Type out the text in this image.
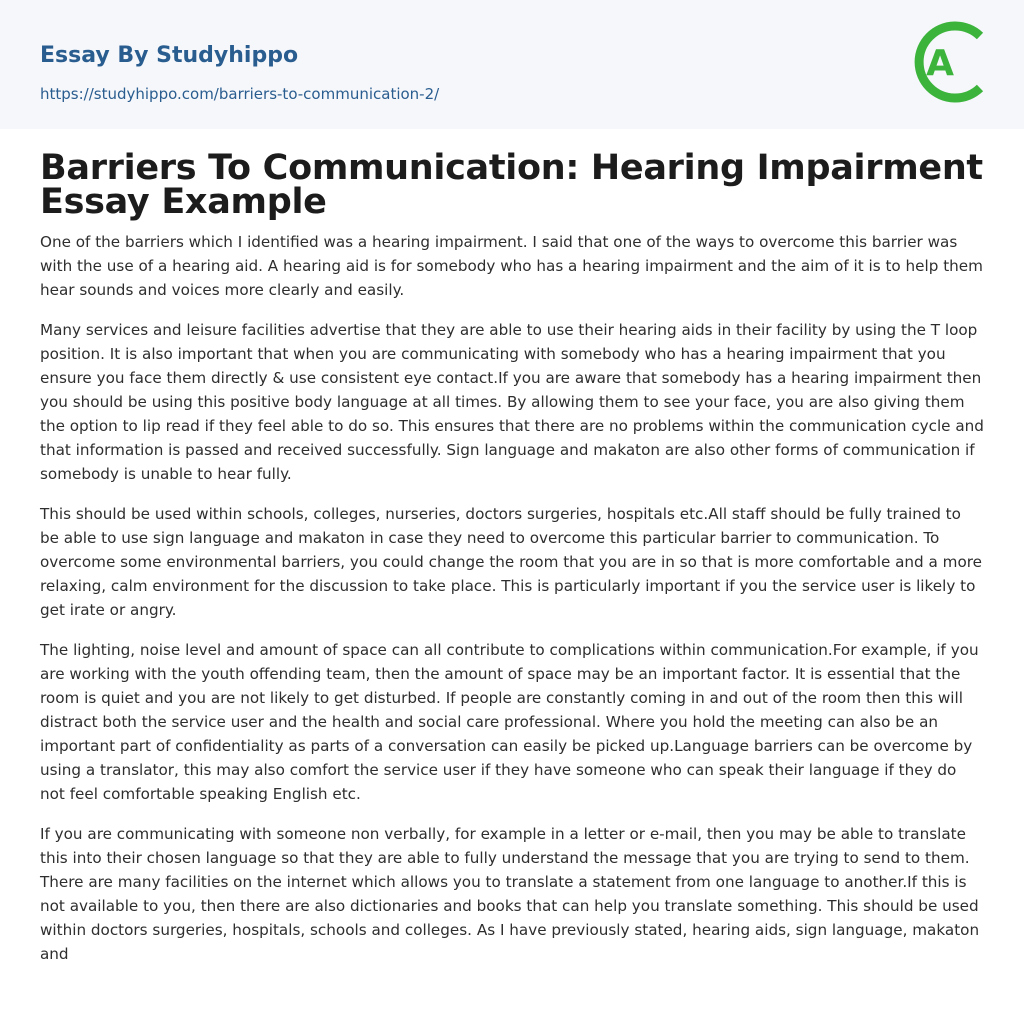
Essay By Studyhippo
https://studyhippo.com/barriers-to-communication-2/
A
Barriers To Communication: Hearing Impairment Essay Example

One of the barriers which I identified was a hearing impairment. I said that one of the ways to overcome this barrier was with the use of a hearing aid. A hearing aid is for somebody who has a hearing impairment and the aim of it is to help them hear sounds and voices more clearly and easily.

Many services and leisure facilities advertise that they are able to use their hearing aids in their facility by using the T loop position. It is also important that when you are communicating with somebody who has a hearing impairment that you ensure you face them directly & use consistent eye contact.If you are aware that somebody has a hearing impairment then you should be using this positive body language at all times. By allowing them to see your face, you are also giving them the option to lip read if they feel able to do so. This ensures that there are no problems within the communication cycle and that information is passed and received successfully. Sign language and makaton are also other forms of communication if somebody is unable to hear fully.

This should be used within schools, colleges, nurseries, doctors surgeries, hospitals etc.All staff should be fully trained to be able to use sign language and makaton in case they need to overcome this particular barrier to communication. To overcome some environmental barriers, you could change the room that you are in so that is more comfortable and a more relaxing, calm environment for the discussion to take place. This is particularly important if you the service user is likely to get irate or angry.

The lighting, noise level and amount of space can all contribute to complications within communication.For example, if you are working with the youth offending team, then the amount of space may be an important factor. It is essential that the room is quiet and you are not likely to get disturbed. If people are constantly coming in and out of the room then this will distract both the service user and the health and social care professional. Where you hold the meeting can also be an important part of confidentiality as parts of a conversation can easily be picked up.Language barriers can be overcome by using a translator, this may also comfort the service user if they have someone who can speak their language if they do not feel comfortable speaking English etc.

If you are communicating with someone non verbally, for example in a letter or e-mail, then you may be able to translate this into their chosen language so that they are able to fully understand the message that you are trying to send to them. There are many facilities on the internet which allows you to translate a statement from one language to another.If this is not available to you, then there are also dictionaries and books that can help you translate something. This should be used within doctors surgeries, hospitals, schools and colleges. As I have previously stated, hearing aids, sign language, makaton and
